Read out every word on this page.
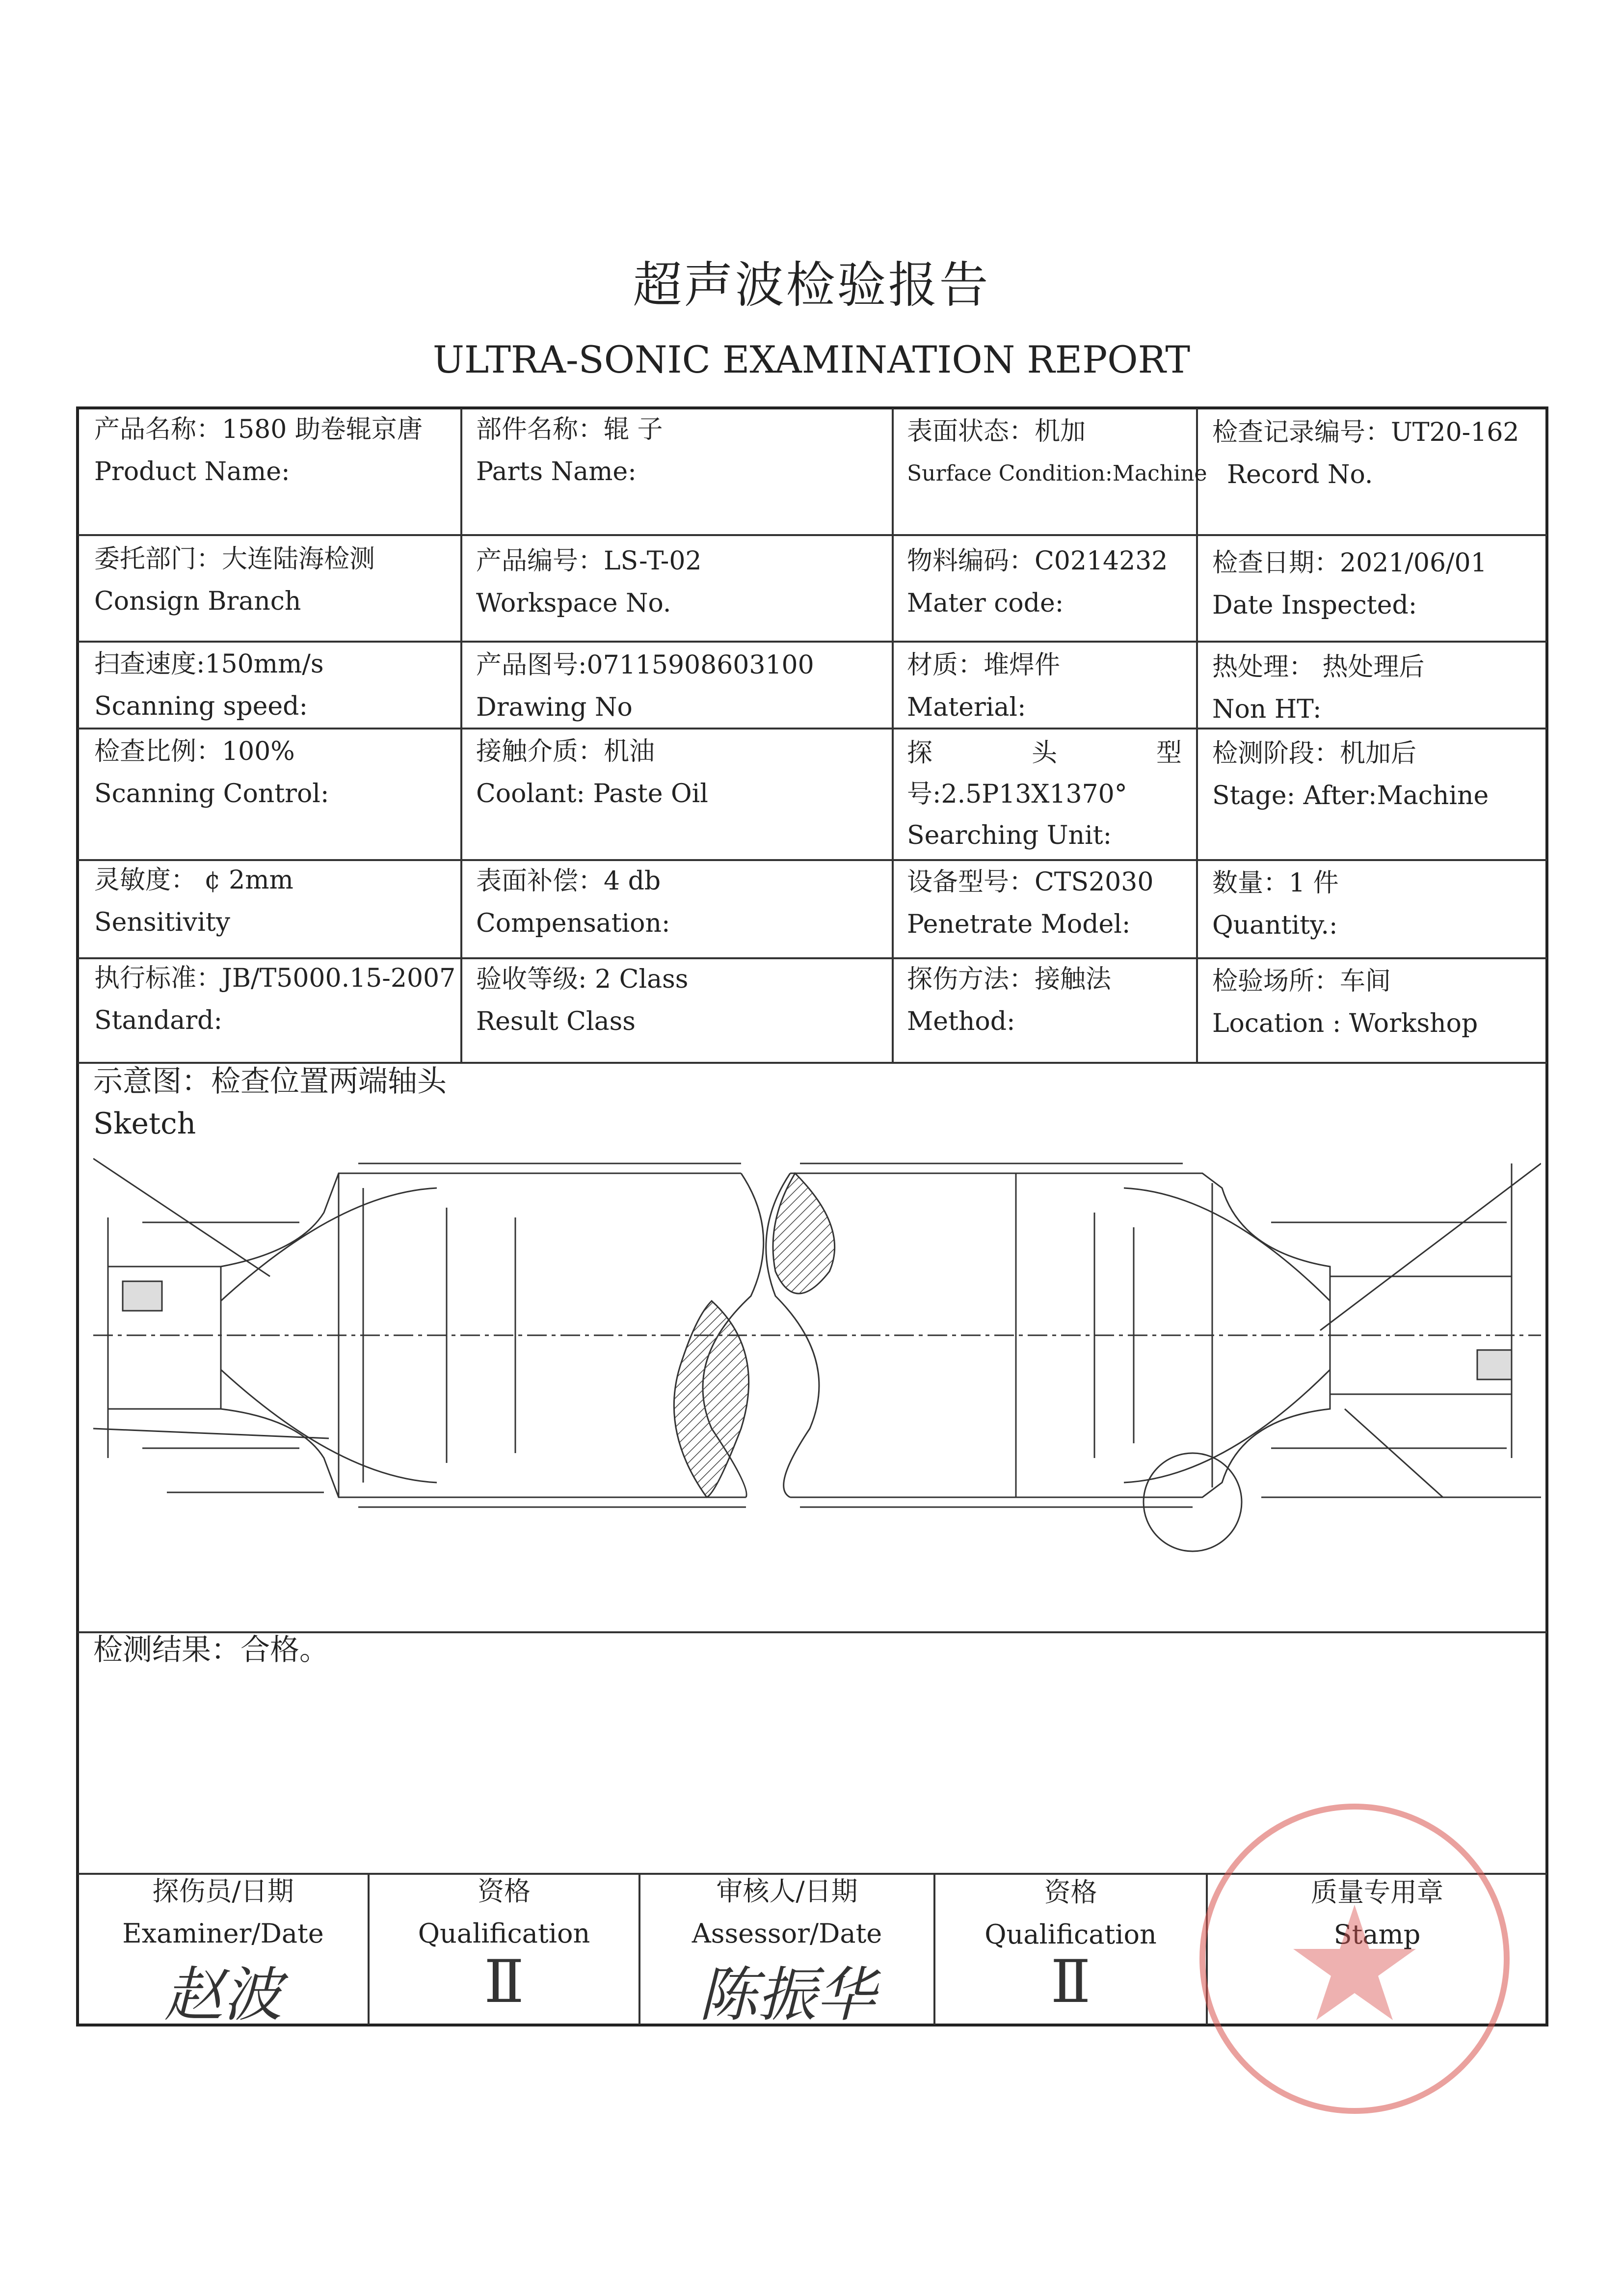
超声波检验报告
ULTRA-SONIC EXAMINATION REPORT
产品名称：1580 助卷辊京唐
Product Name:
部件名称：辊 子
Parts Name:
表面状态：机加
Surface Condition:Machine
检查记录编号：UT20-162
Record No.
委托部门：大连陆海检测
Consign Branch
产品编号：LS-T-02
Workspace No.
物料编码：C0214232
Mater code:
检查日期：2021/06/01
Date Inspected:
扫查速度:150mm/s
Scanning speed:
产品图号:07115908603100
Drawing No
材质：堆焊件
Material:
热处理： 热处理后
Non HT:
检查比例：100%
Scanning Control:
接触介质：机油
Coolant: Paste Oil
探 头 型
号:2.5P13X1370°
Searching Unit:
检测阶段：机加后
Stage: After:Machine
灵敏度： ¢ 2mm
Sensitivity
表面补偿：4 db
Compensation:
设备型号：CTS2030
Penetrate Model:
数量：1 件
Quantity.:
执行标准：JB/T5000.15-2007
Standard:
验收等级: 2 Class
Result Class
探伤方法：接触法
Method:
检验场所：车间
Location : Workshop
示意图：检查位置两端轴头
Sketch
检测结果：合格。
探伤员/日期
Examiner/Date
赵波
资格
Qualification
Ⅱ
审核人/日期
Assessor/Date
陈振华
资格
Qualification
Ⅱ
质量专用章
Stamp
